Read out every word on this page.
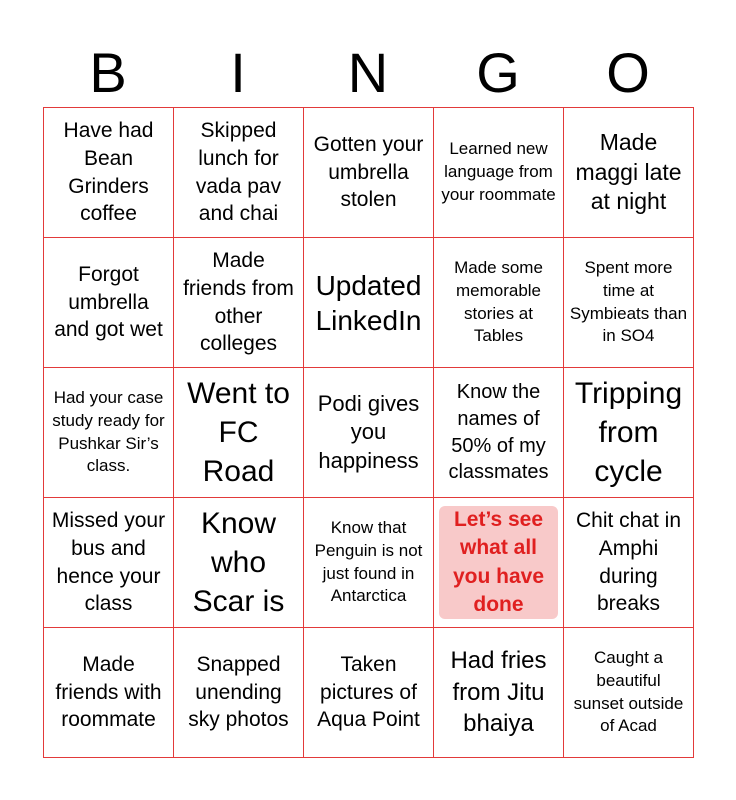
B	I	N	G	O
Have had Bean Grinders coffee
Skipped lunch for vada pav and chai
Gotten your umbrella stolen
Learned new language from your roommate
Made maggi late at night
Forgot umbrella and got wet
Made friends from other colleges
Updated LinkedIn
Made some memorable stories at Tables
Spent more time at Symbieats than in SO4
Had your case study ready for Pushkar Sir’s class.
Went to FC Road
Podi gives you happiness
Know the names of 50% of my classmates
Tripping from cycle
Missed your bus and hence your class
Know who Scar is
Know that Penguin is not just found in Antarctica
Let’s see what all you have done
Chit chat in Amphi during breaks
Made friends with roommate
Snapped unending sky photos
Taken pictures of Aqua Point
Had fries from Jitu bhaiya
Caught a beautiful sunset outside of Acad
